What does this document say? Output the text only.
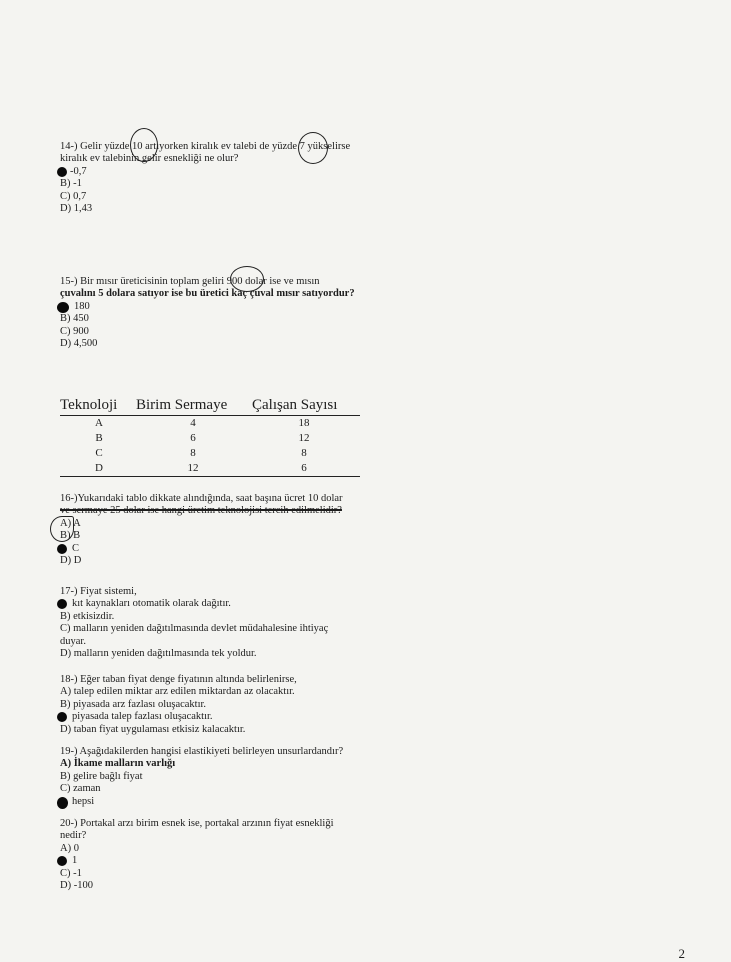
14-) Gelir yüzde 10 artıyorken kiralık ev talebi de yüzde 7 yükselirse
kiralık ev talebinin gelir esnekliği ne olur?
-0,7
B) -1
C) 0,7
D) 1,43
15-) Bir mısır üreticisinin toplam geliri 900 dolar ise ve mısın
çuvalını 5 dolara satıyor ise bu üretici kaç çuval mısır satıyordur?
180
B) 450
C) 900
D) 4,500
Teknoloji	Birim Sermaye	Çalışan Sayısı
A	4	18
B	6	12
C	8	8
D	12	6
16-)Yukarıdaki tablo dikkate alındığında, saat başına ücret 10 dolar
ve sermaye 25 dolar ise hangi üretim teknolojisi tercih edilmelidir?
A) A
B) B
C
D) D
17-) Fiyat sistemi,
kıt kaynakları otomatik olarak dağıtır.
B) etkisizdir.
C) malların yeniden dağıtılmasında devlet müdahalesine ihtiyaç
duyar.
D) malların yeniden dağıtılmasında tek yoldur.
18-) Eğer taban fiyat denge fiyatının altında belirlenirse,
A) talep edilen miktar arz edilen miktardan az olacaktır.
B) piyasada arz fazlası oluşacaktır.
piyasada talep fazlası oluşacaktır.
D) taban fiyat uygulaması etkisiz kalacaktır.
19-) Aşağıdakilerden hangisi elastikiyeti belirleyen unsurlardandır?
A) İkame malların varlığı
B) gelire bağlı fiyat
C) zaman
hepsi
20-) Portakal arzı birim esnek ise, portakal arzının fiyat esnekliği
nedir?
A) 0
1
C) -1
D) -100
2
